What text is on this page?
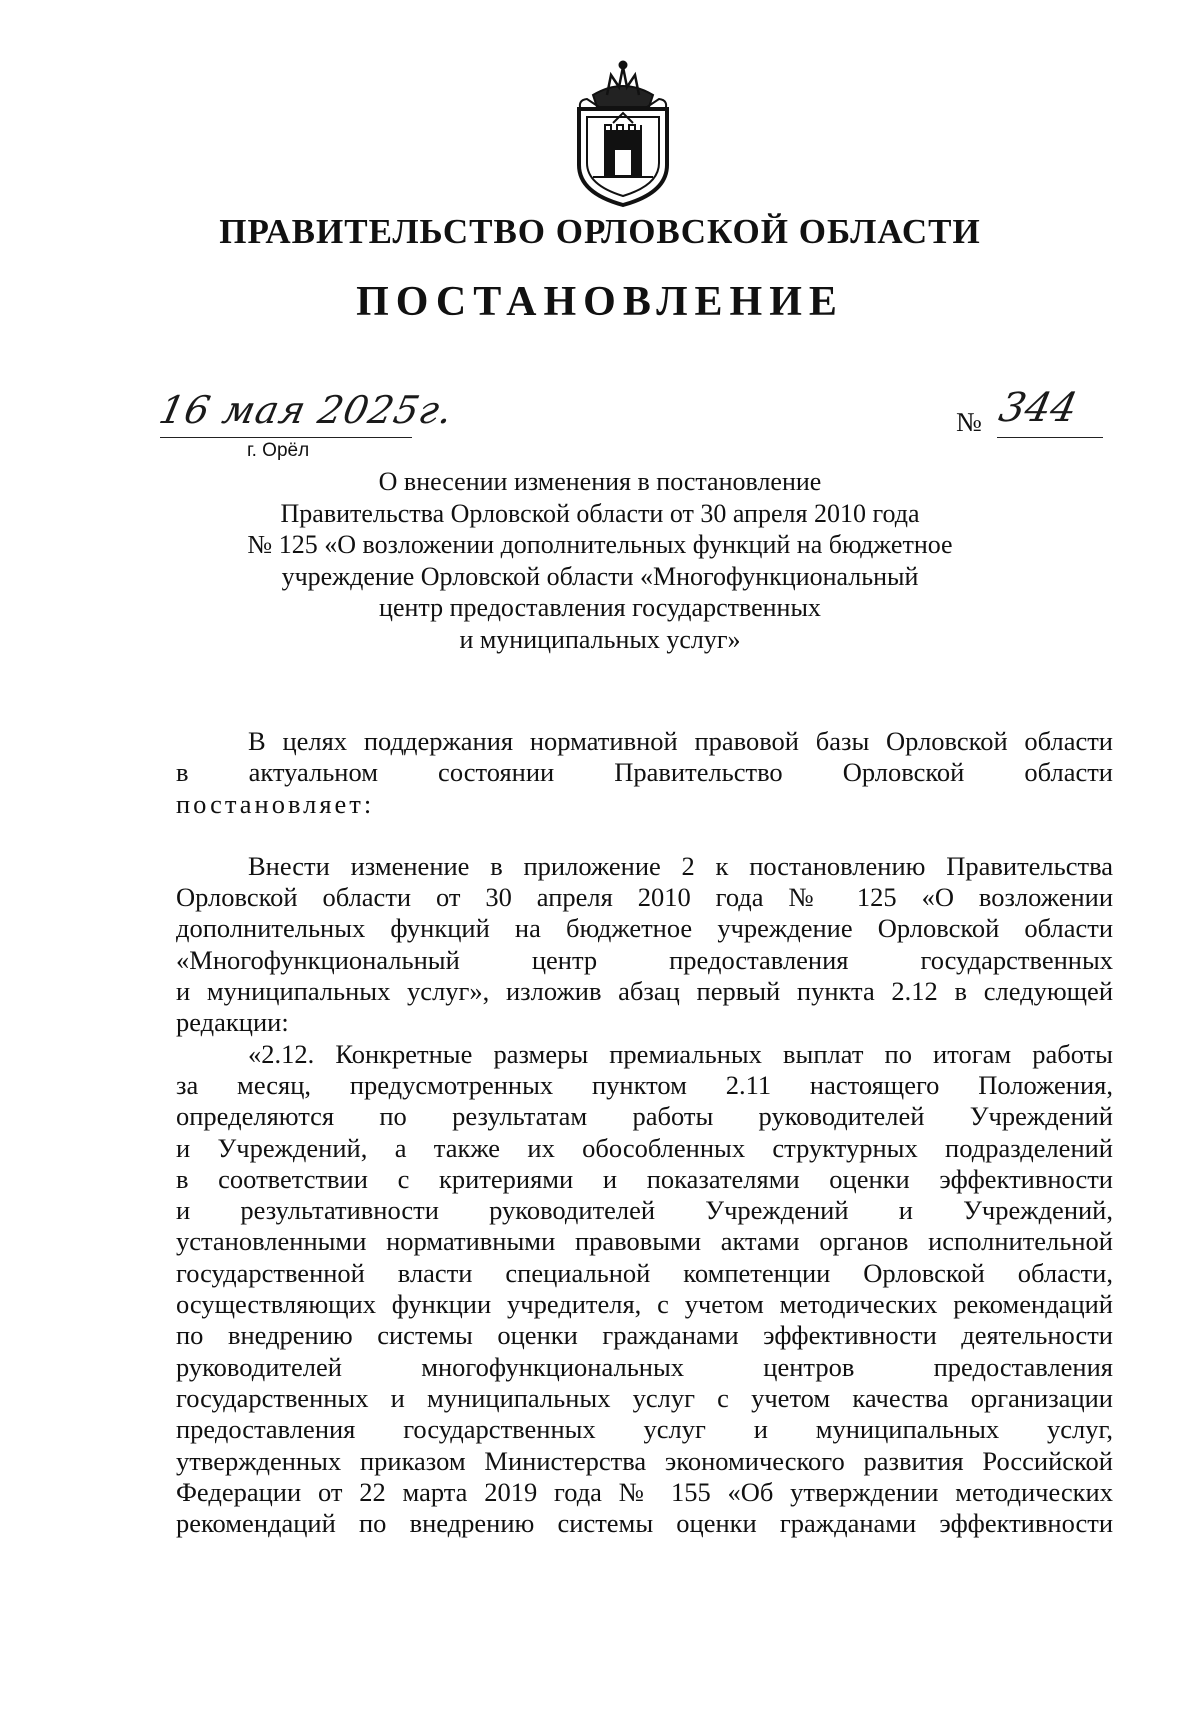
ПРАВИТЕЛЬСТВО ОРЛОВСКОЙ ОБЛАСТИ
ПОСТАНОВЛЕНИЕ
16 мая 2025г.
г. Орёл
№ 344
О внесении изменения в постановление
Правительства Орловской области от 30 апреля 2010 года
№ 125 «О возложении дополнительных функций на бюджетное
учреждение Орловской области «Многофункциональный
центр предоставления государственных
и муниципальных услуг»
В целях поддержания нормативной правовой базы Орловской области
в актуальном состоянии Правительство Орловской области
постановляет:
Внести изменение в приложение 2 к постановлению Правительства
Орловской области от 30 апреля 2010 года № 125 «О возложении
дополнительных функций на бюджетное учреждение Орловской области
«Многофункциональный центр предоставления государственных
и муниципальных услуг», изложив абзац первый пункта 2.12 в следующей
редакции:
«2.12. Конкретные размеры премиальных выплат по итогам работы
за месяц, предусмотренных пунктом 2.11 настоящего Положения,
определяются по результатам работы руководителей Учреждений
и Учреждений, а также их обособленных структурных подразделений
в соответствии с критериями и показателями оценки эффективности
и результативности руководителей Учреждений и Учреждений,
установленными нормативными правовыми актами органов исполнительной
государственной власти специальной компетенции Орловской области,
осуществляющих функции учредителя, с учетом методических рекомендаций
по внедрению системы оценки гражданами эффективности деятельности
руководителей многофункциональных центров предоставления
государственных и муниципальных услуг с учетом качества организации
предоставления государственных услуг и муниципальных услуг,
утвержденных приказом Министерства экономического развития Российской
Федерации от 22 марта 2019 года № 155 «Об утверждении методических
рекомендаций по внедрению системы оценки гражданами эффективности
